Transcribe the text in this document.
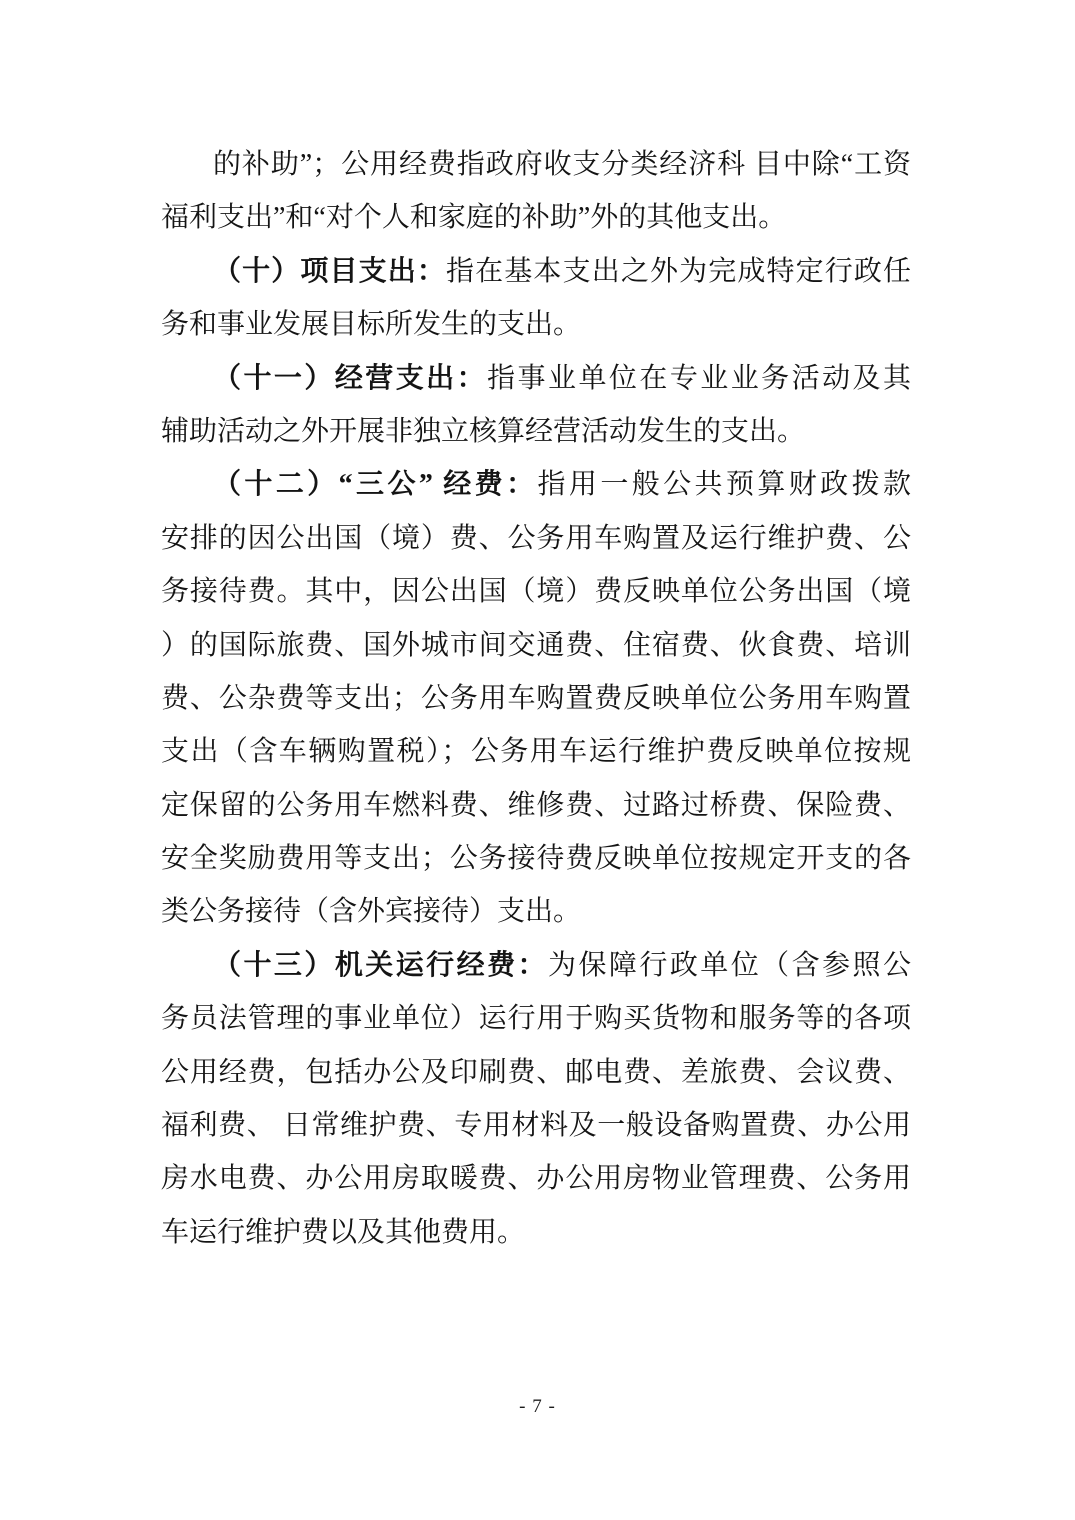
的补助”；公用经费指政府收支分类经济科 目中除“工资
福利支出”和“对个人和家庭的补助”外的其他支出。
（十）项目支出：指在基本支出之外为完成特定行政任
务和事业发展目标所发生的支出。
（十一）经营支出：指事业单位在专业业务活动及其
辅助活动之外开展非独立核算经营活动发生的支出。
（十二）“三公” 经费：指用一般公共预算财政拨款
安排的因公出国（境）费、公务用车购置及运行维护费、公
务接待费。其中，因公出国（境）费反映单位公务出国（境
）的国际旅费、国外城市间交通费、住宿费、伙食费、培训
费、公杂费等支出；公务用车购置费反映单位公务用车购置
支出（含车辆购置税）；公务用车运行维护费反映单位按规
定保留的公务用车燃料费、维修费、过路过桥费、保险费、
安全奖励费用等支出；公务接待费反映单位按规定开支的各
类公务接待（含外宾接待）支出。
（十三）机关运行经费：为保障行政单位（含参照公
务员法管理的事业单位）运行用于购买货物和服务等的各项
公用经费，包括办公及印刷费、邮电费、差旅费、会议费、
福利费、 日常维护费、专用材料及一般设备购置费、办公用
房水电费、办公用房取暖费、办公用房物业管理费、公务用
车运行维护费以及其他费用。
- 7 -
